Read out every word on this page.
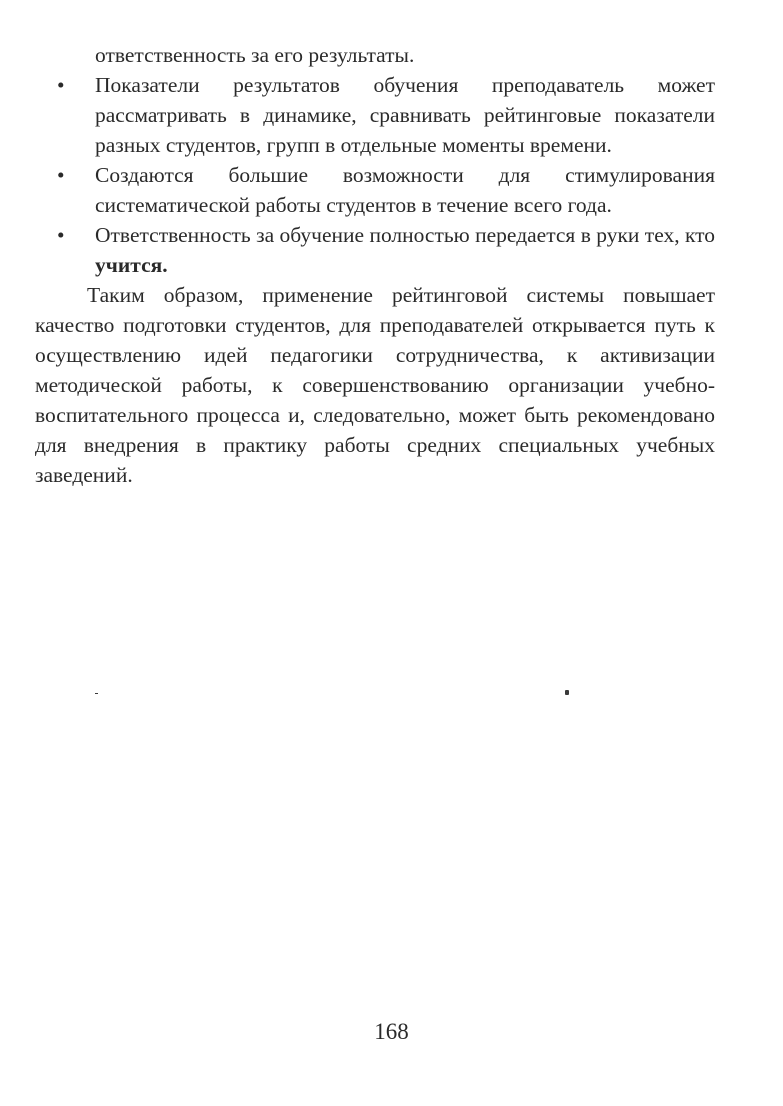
ответственность за его результаты.
• Показатели результатов обучения преподаватель может рассматривать в динамике, сравнивать рейтинговые показатели разных студентов, групп в отдельные моменты времени.
• Создаются большие возможности для стимулирования систематической работы студентов в течение всего года.
• Ответственность за обучение полностью передается в руки тех, кто учится.
Таким образом, применение рейтинговой системы повышает качество подготовки студентов, для преподавателей открывается путь к осуществлению идей педагогики сотрудничества, к активизации методической работы, к совершенствованию организации учебно-воспитательного процесса и, следовательно, может быть рекомендовано для внедрения в практику работы средних специальных учебных заведений.
168
